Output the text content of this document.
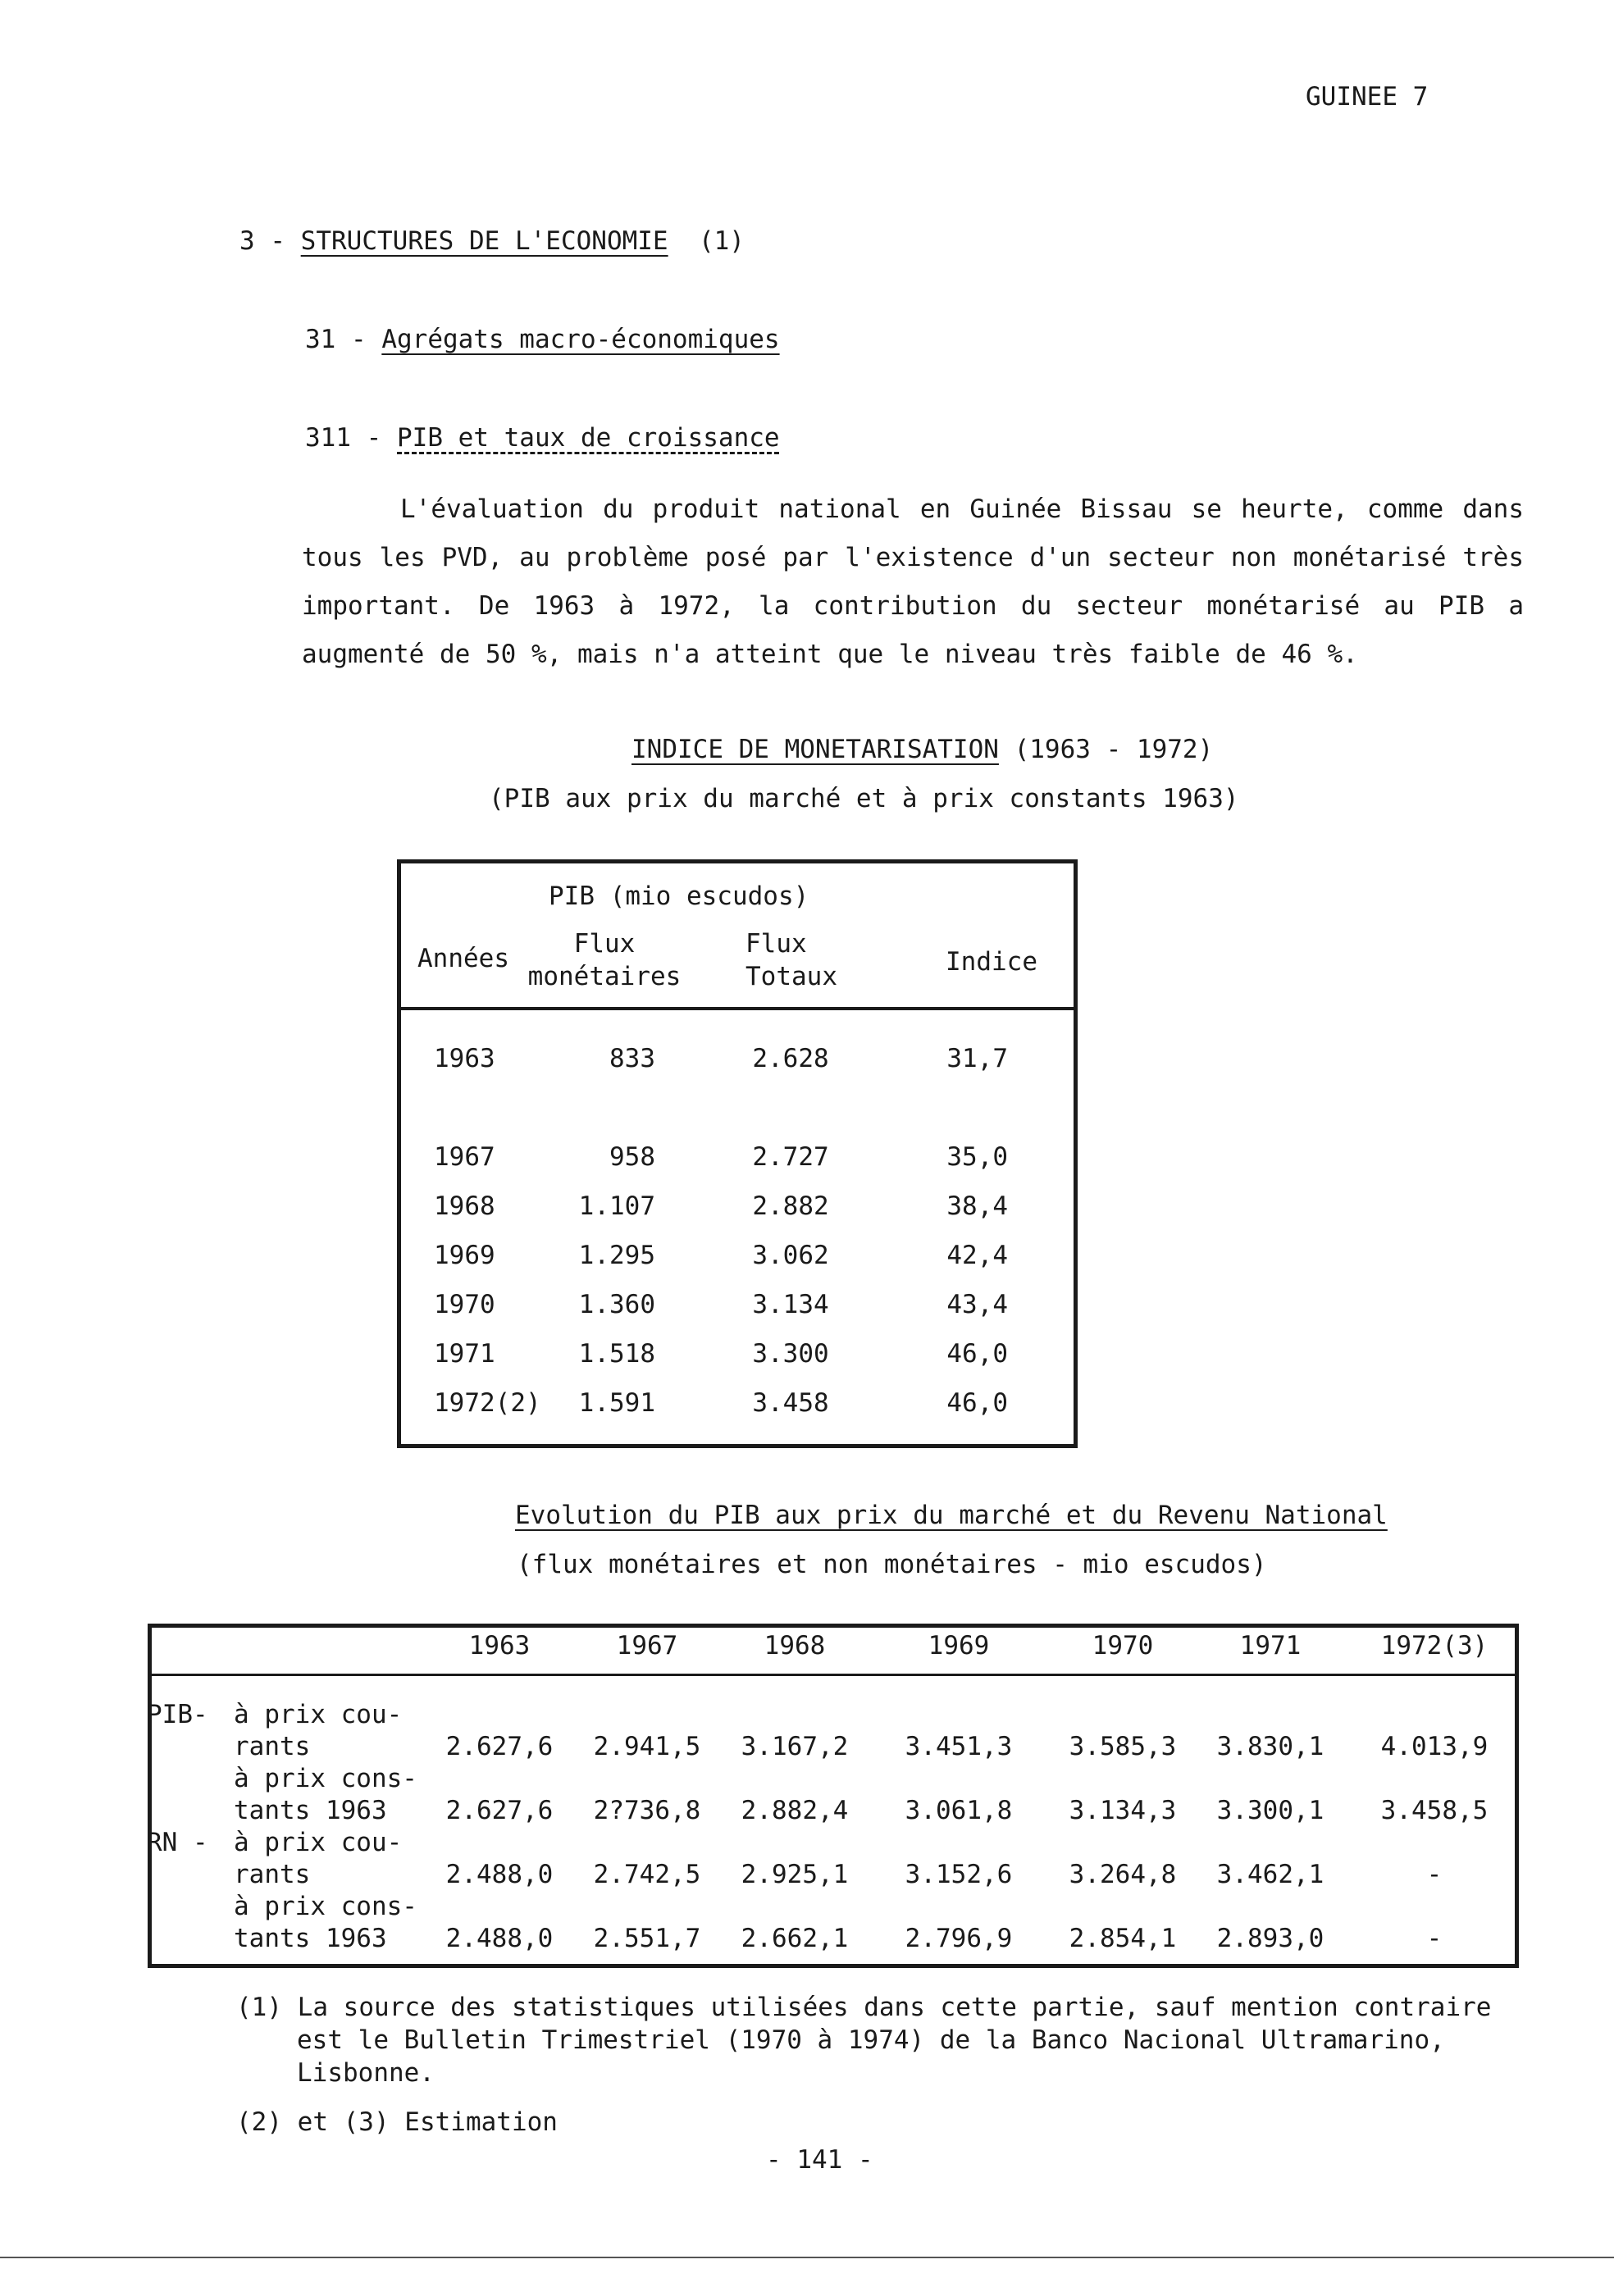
GUINEE 7
3 - STRUCTURES DE L'ECONOMIE (1)
31 - Agrégats macro-économiques
311 - PIB et taux de croissance
L'évaluation du produit national en Guinée Bissau se heurte, comme dans tous les PVD, au problème posé par l'existence d'un secteur non monétarisé très important. De 1963 à 1972, la contribution du secteur monétarisé au PIB a augmenté de 50 %, mais n'a atteint que le niveau très faible de 46 %.
INDICE DE MONETARISATION (1963 - 1972)
(PIB aux prix du marché et à prix constants 1963)
PIB (mio escudos)
Années	Flux
monétaires
Flux
Totaux	Indice
1963	833	2.628	31,7
1967	958	2.727	35,0
1968	1.107	2.882	38,4
1969	1.295	3.062	42,4
1970	1.360	3.134	43,4
1971	1.518	3.300	46,0
1972(2)	1.591	3.458	46,0
Evolution du PIB aux prix du marché et du Revenu National
(flux monétaires et non monétaires - mio escudos)
1963	1967	1968	1969	1970	1971	1972(3)
PIB- à prix cou-
rants	2.627,6	2.941,5	3.167,2	3.451,3	3.585,3	3.830,1	4.013,9
à prix cons-
tants 1963	2.627,6	2?736,8	2.882,4	3.061,8	3.134,3	3.300,1	3.458,5
RN - à prix cou-
rants	2.488,0	2.742,5	2.925,1	3.152,6	3.264,8	3.462,1	-
à prix cons-
tants 1963	2.488,0	2.551,7	2.662,1	2.796,9	2.854,1	2.893,0	-
(1) La source des statistiques utilisées dans cette partie, sauf mention contraire
est le Bulletin Trimestriel (1970 à 1974) de la Banco Nacional Ultramarino,
Lisbonne.
(2) et (3) Estimation
- 141 -
